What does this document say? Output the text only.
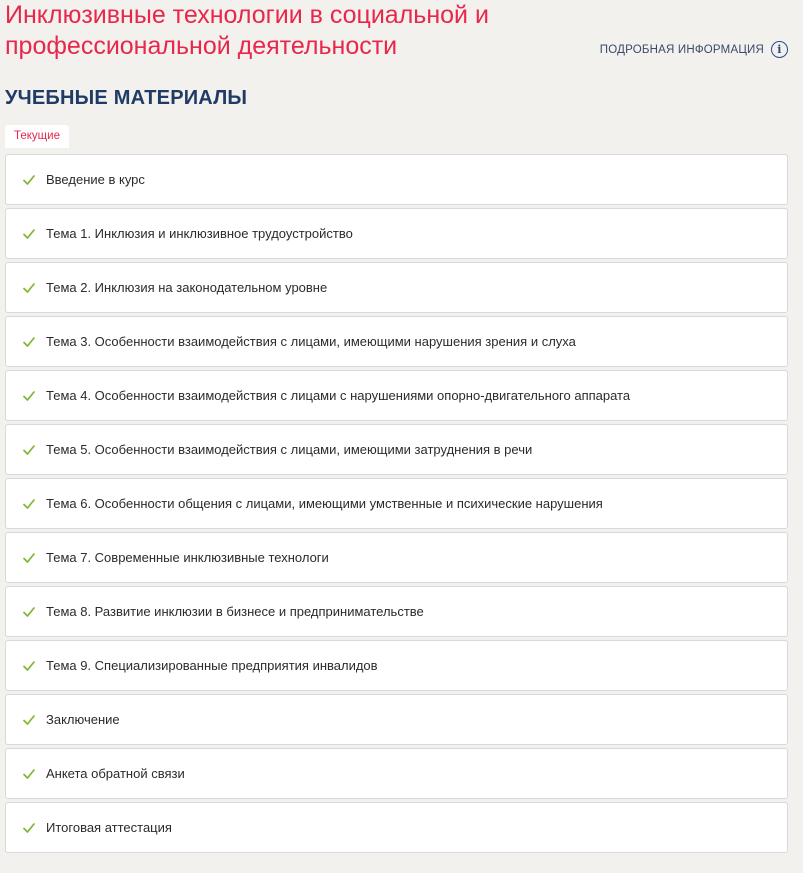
Инклюзивные технологии в социальной и профессиональной деятельности	ПОДРОБНАЯ ИНФОРМАЦИЯ	i
УЧЕБНЫЕ МАТЕРИАЛЫ
Текущие
Введение в курс
Тема 1. Инклюзия и инклюзивное трудоустройство
Тема 2. Инклюзия на законодательном уровне
Тема 3. Особенности взаимодействия с лицами, имеющими нарушения зрения и слуха
Тема 4. Особенности взаимодействия с лицами с нарушениями опорно-двигательного аппарата
Тема 5. Особенности взаимодействия с лицами, имеющими затруднения в речи
Тема 6. Особенности общения с лицами, имеющими умственные и психические нарушения
Тема 7. Современные инклюзивные технологи
Тема 8. Развитие инклюзии в бизнесе и предпринимательстве
Тема 9. Специализированные предприятия инвалидов
Заключение
Анкета обратной связи
Итоговая аттестация
